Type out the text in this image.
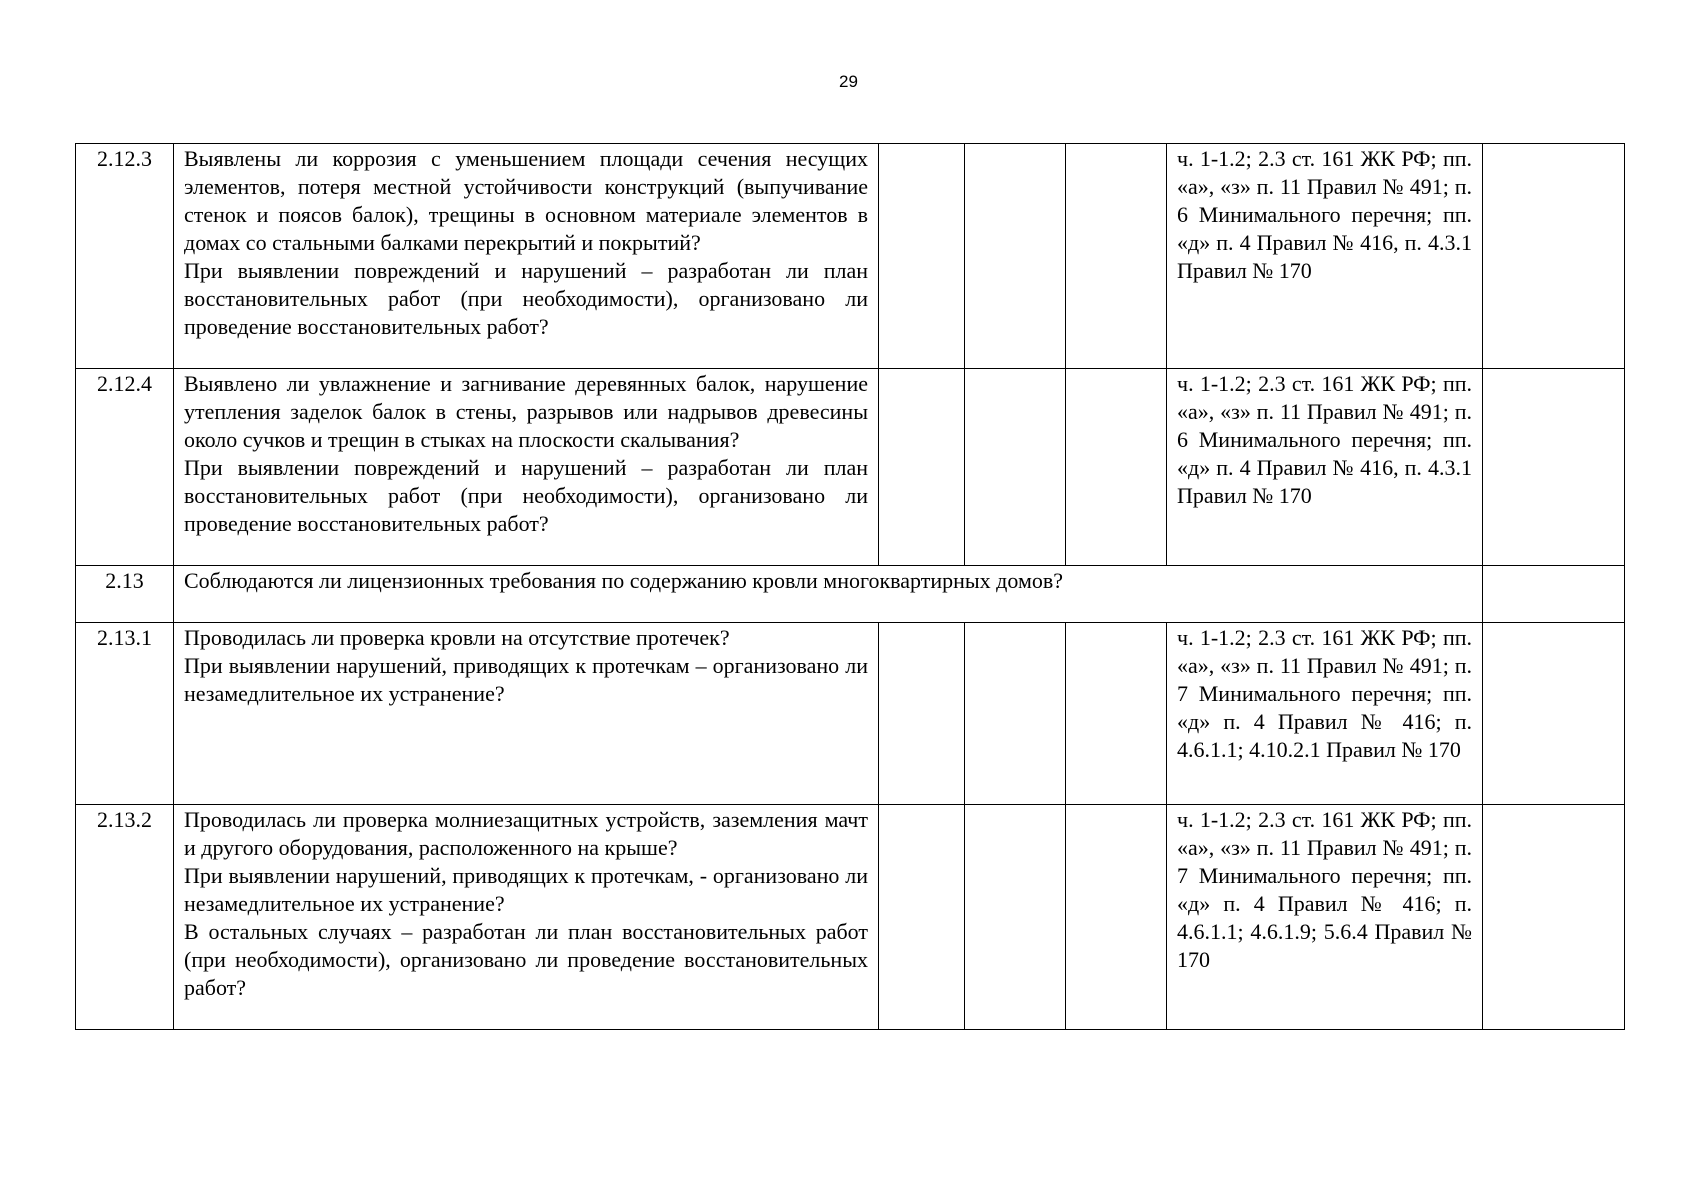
29
2.12.3	Выявлены ли коррозия с уменьшением площади сечения несущих элементов, потеря местной устойчивости конструкций (выпучивание стенок и поясов балок), трещины в основном материале элементов в домах со стальными балками перекрытий и покрытий?
При выявлении повреждений и нарушений – разработан ли план восстановительных работ (при необходимости), организовано ли проведение восстановительных работ?				ч. 1-1.2; 2.3 ст. 161 ЖК РФ; пп. «а», «з» п. 11 Правил № 491; п. 6 Минимального перечня; пп. «д» п. 4 Правил № 416, п. 4.3.1 Правил № 170	
2.12.4	Выявлено ли увлажнение и загнивание деревянных балок, нарушение утепления заделок балок в стены, разрывов или надрывов древесины около сучков и трещин в стыках на плоскости скалывания?
При выявлении повреждений и нарушений – разработан ли план восстановительных работ (при необходимости), организовано ли проведение восстановительных работ?				ч. 1-1.2; 2.3 ст. 161 ЖК РФ; пп. «а», «з» п. 11 Правил № 491; п. 6 Минимального перечня; пп. «д» п. 4 Правил № 416, п. 4.3.1 Правил № 170	
2.13	Соблюдаются ли лицензионных требования по содержанию кровли многоквартирных домов?					
2.13.1	Проводилась ли проверка кровли на отсутствие протечек?
При выявлении нарушений, приводящих к протечкам – организовано ли незамедлительное их устранение?				ч. 1-1.2; 2.3 ст. 161 ЖК РФ; пп. «а», «з» п. 11 Правил № 491; п. 7 Минимального перечня; пп. «д» п. 4 Правил № 416; п. 4.6.1.1; 4.10.2.1 Правил № 170	
2.13.2	Проводилась ли проверка молниезащитных устройств, заземления мачт и другого оборудования, расположенного на крыше?
При выявлении нарушений, приводящих к протечкам, - организовано ли незамедлительное их устранение?
В остальных случаях – разработан ли план восстановительных работ (при необходимости), организовано ли проведение восстановительных работ?				ч. 1-1.2; 2.3 ст. 161 ЖК РФ; пп. «а», «з» п. 11 Правил № 491; п. 7 Минимального перечня; пп. «д» п. 4 Правил № 416; п. 4.6.1.1; 4.6.1.9; 5.6.4 Правил № 170	
